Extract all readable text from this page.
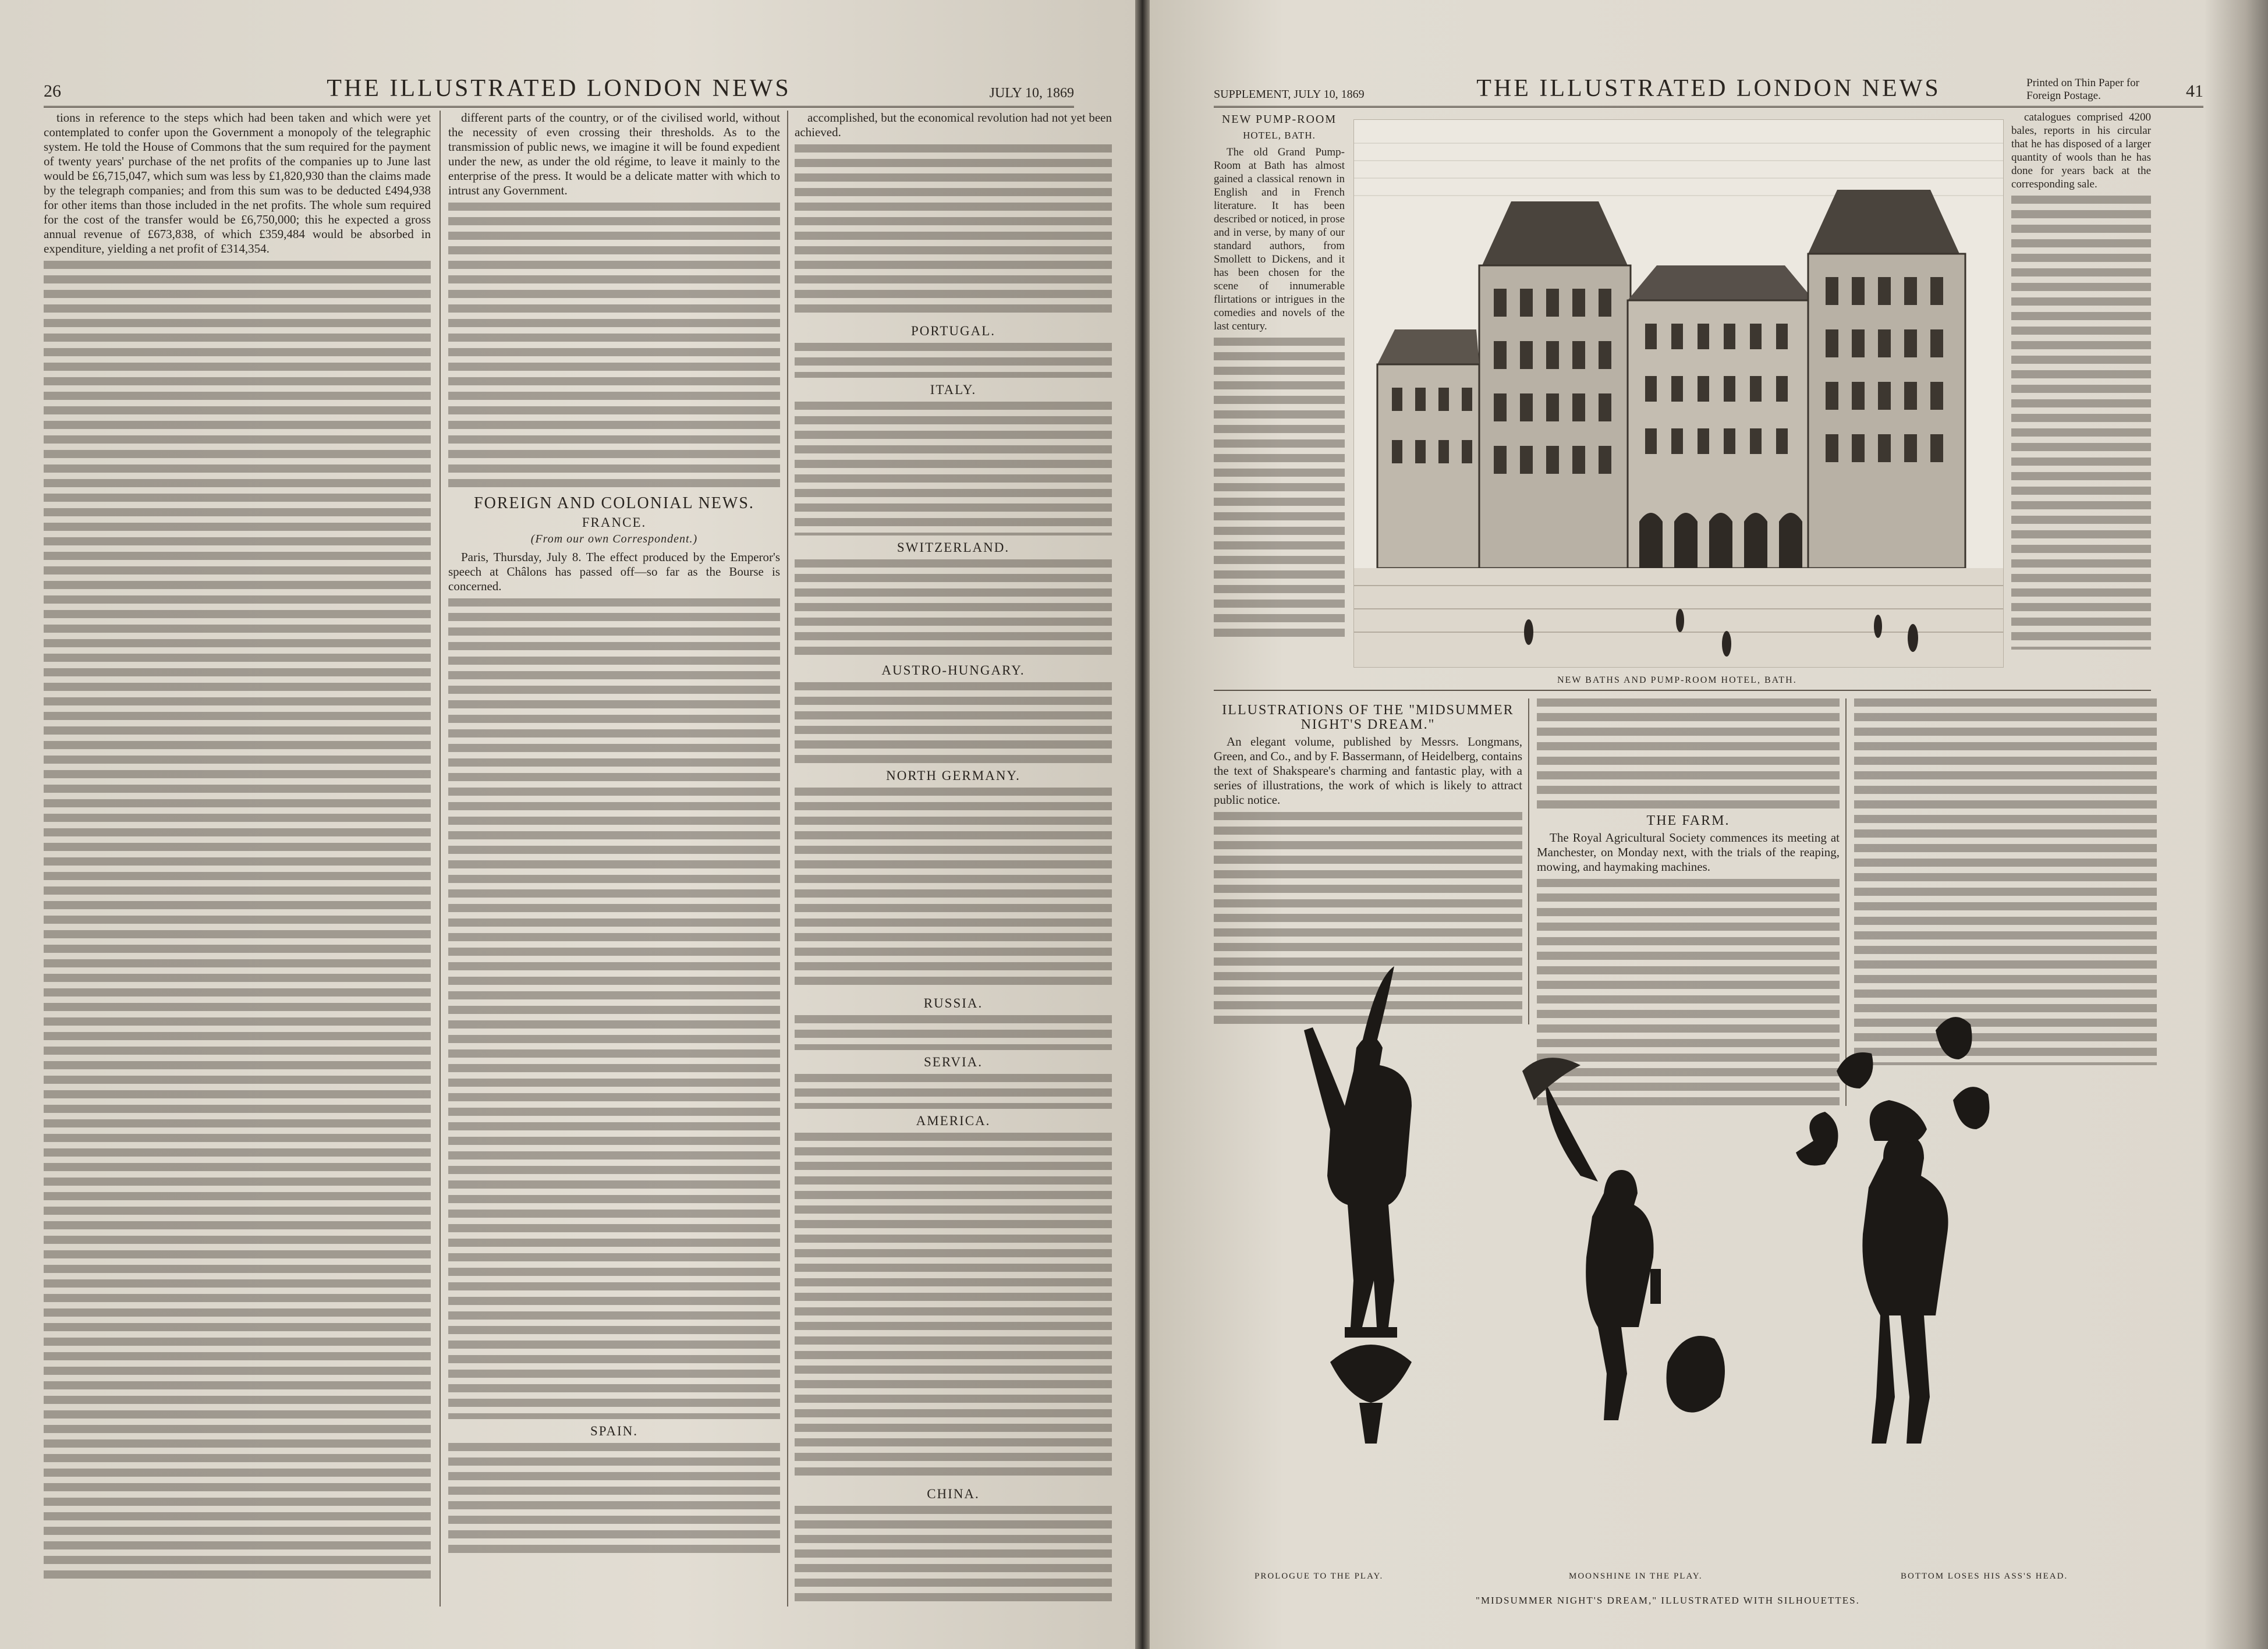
26	THE ILLUSTRATED LONDON NEWS	JULY 10, 1869

tions in reference to the steps which had been taken and which were yet contemplated to confer upon the Government a monopoly of the telegraphic system. He told the House of Commons that the sum required for the payment of twenty years' purchase of the net profits of the companies up to June last would be £6,715,047, which sum was less by £1,820,930 than the claims made by the telegraph companies; and from this sum was to be deducted £494,938 for other items than those included in the net profits. The whole sum required for the cost of the transfer would be £6,750,000; this he expected a gross annual revenue of £673,838, of which £359,484 would be absorbed in expenditure, yielding a net profit of £314,354.

different parts of the country, or of the civilised world, without the necessity of even crossing their thresholds. As to the transmission of public news, we imagine it will be found expedient under the new, as under the old régime, to leave it mainly to the enterprise of the press. It would be a delicate matter with which to intrust any Government.

FOREIGN AND COLONIAL NEWS.
FRANCE.
(From our own Correspondent.)

Paris, Thursday, July 8. The effect produced by the Emperor's speech at Châlons has passed off—so far as the Bourse is concerned.

SPAIN.

accomplished, but the economical revolution had not yet been achieved.

PORTUGAL.
ITALY.
SWITZERLAND.
AUSTRO-HUNGARY.
NORTH GERMANY.
RUSSIA.
SERVIA.
AMERICA.
CHINA.
SUPPLEMENT, JULY 10, 1869	THE ILLUSTRATED LONDON NEWS	Printed on Thin Paper for
Foreign Postage.	41
NEW PUMP-ROOM
HOTEL, BATH.

The old Grand Pump-Room at Bath has almost gained a classical renown in English and in French literature. It has been described or noticed, in prose and in verse, by many of our standard authors, from Smollett to Dickens, and it has been chosen for the scene of innumerable flirtations or intrigues in the comedies and novels of the last century.

NEW BATHS AND PUMP-ROOM HOTEL, BATH.

catalogues comprised 4200 bales, reports in his circular that he has disposed of a larger quantity of wools than he has done for years back at the corresponding sale.

ILLUSTRATIONS OF THE "MIDSUMMER NIGHT'S DREAM."

An elegant volume, published by Messrs. Longmans, Green, and Co., and by F. Bassermann, of Heidelberg, contains the text of Shakspeare's charming and fantastic play, with a series of illustrations, the work of which is likely to attract public notice.

THE FARM.

The Royal Agricultural Society commences its meeting at Manchester, on Monday next, with the trials of the reaping, mowing, and haymaking machines.

PROLOGUE TO THE PLAY.	MOONSHINE IN THE PLAY.	BOTTOM LOSES HIS ASS'S HEAD.
"MIDSUMMER NIGHT'S DREAM," ILLUSTRATED WITH SILHOUETTES.
